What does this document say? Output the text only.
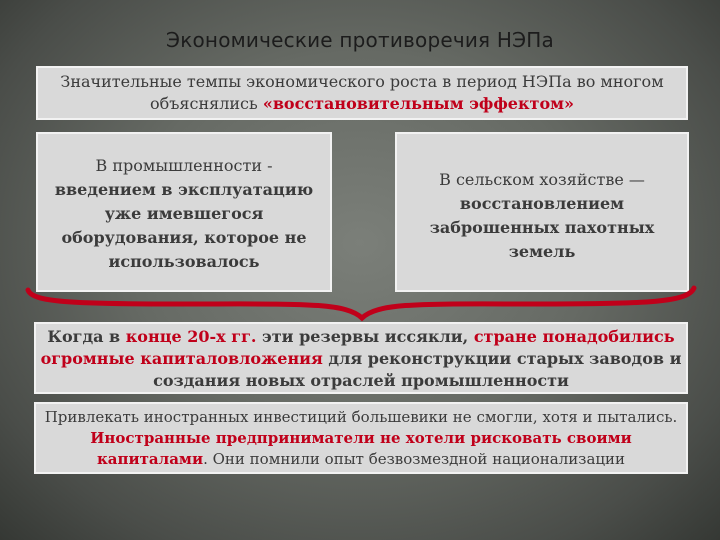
Экономические противоречия НЭПа
Значительные темпы экономического роста в период НЭПа во многом объяснялись «восстановительным эффектом»
В промышленности -
введением в эксплуатацию уже имевшегося оборудования, которое не использовалось
В сельском хозяйстве —
восстановлением заброшенных пахотных земель
Когда в конце 20-х гг. эти резервы иссякли, стране понадобились огромные капиталовложения для реконструкции старых заводов и создания новых отраслей промышленности
Привлекать иностранных инвестиций большевики не смогли, хотя и пытались. Иностранные предприниматели не хотели рисковать своими капиталами. Они помнили опыт безвозмездной национализации
